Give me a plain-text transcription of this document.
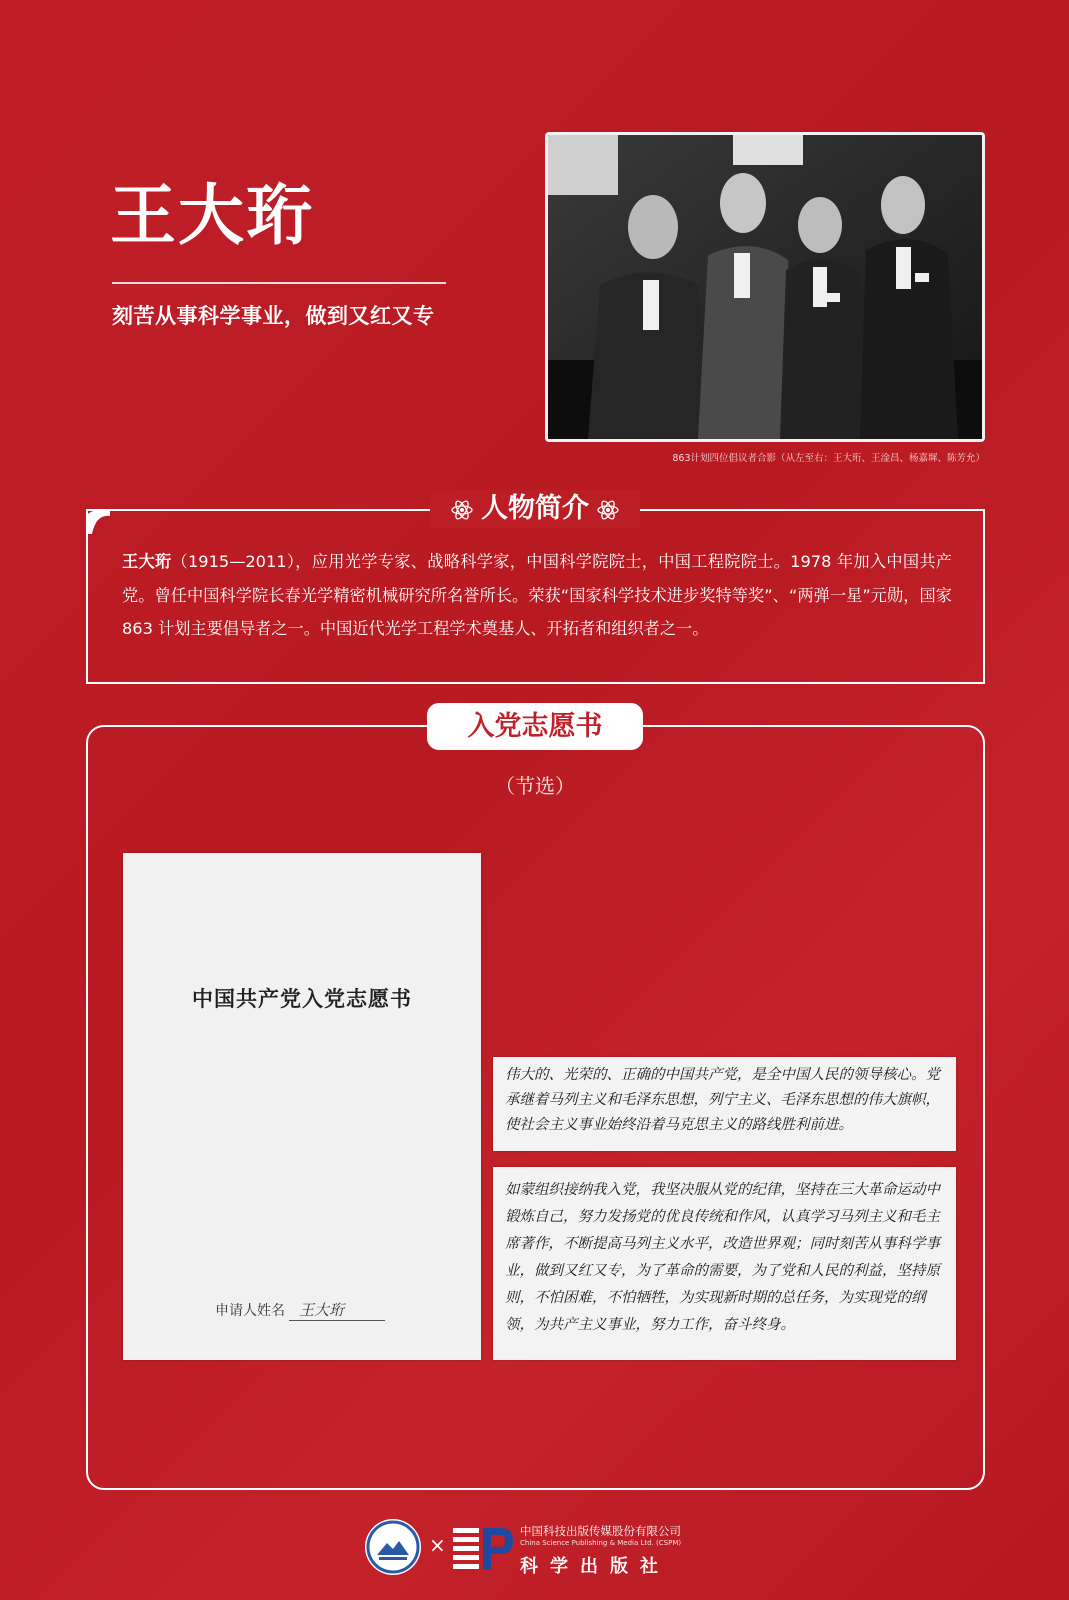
王大珩
刻苦从事科学事业，做到又红又专
863计划四位倡议者合影（从左至右：王大珩、王淦昌、杨嘉墀、陈芳允）
人物简介
王大珩（1915—2011），应用光学专家、战略科学家，中国科学院院士，中国工程院院士。1978 年加入中国共产党。曾任中国科学院长春光学精密机械研究所名誉所长。荣获“国家科学技术进步奖特等奖”、“两弹一星”元勋，国家 863 计划主要倡导者之一。中国近代光学工程学术奠基人、开拓者和组织者之一。
入党志愿书
（节选）
中国共产党入党志愿书
申请人姓名 王大珩
伟大的、光荣的、正确的中国共产党，是全中国人民的领导核心。党承继着马列主义和毛泽东思想，列宁主义、毛泽东思想的伟大旗帜，使社会主义事业始终沿着马克思主义的路线胜利前进。
如蒙组织接纳我入党，我坚决服从党的纪律，坚持在三大革命运动中锻炼自己，努力发扬党的优良传统和作风，认真学习马列主义和毛主席著作，不断提高马列主义水平，改造世界观；同时刻苦从事科学事业，做到又红又专，为了革命的需要，为了党和人民的利益，坚持原则，不怕困难，不怕牺牲，为实现新时期的总任务，为实现党的纲领，为共产主义事业，努力工作，奋斗终身。
×
中国科技出版传媒股份有限公司
China Science Publishing & Media Ltd. (CSPM)
科学出版社
